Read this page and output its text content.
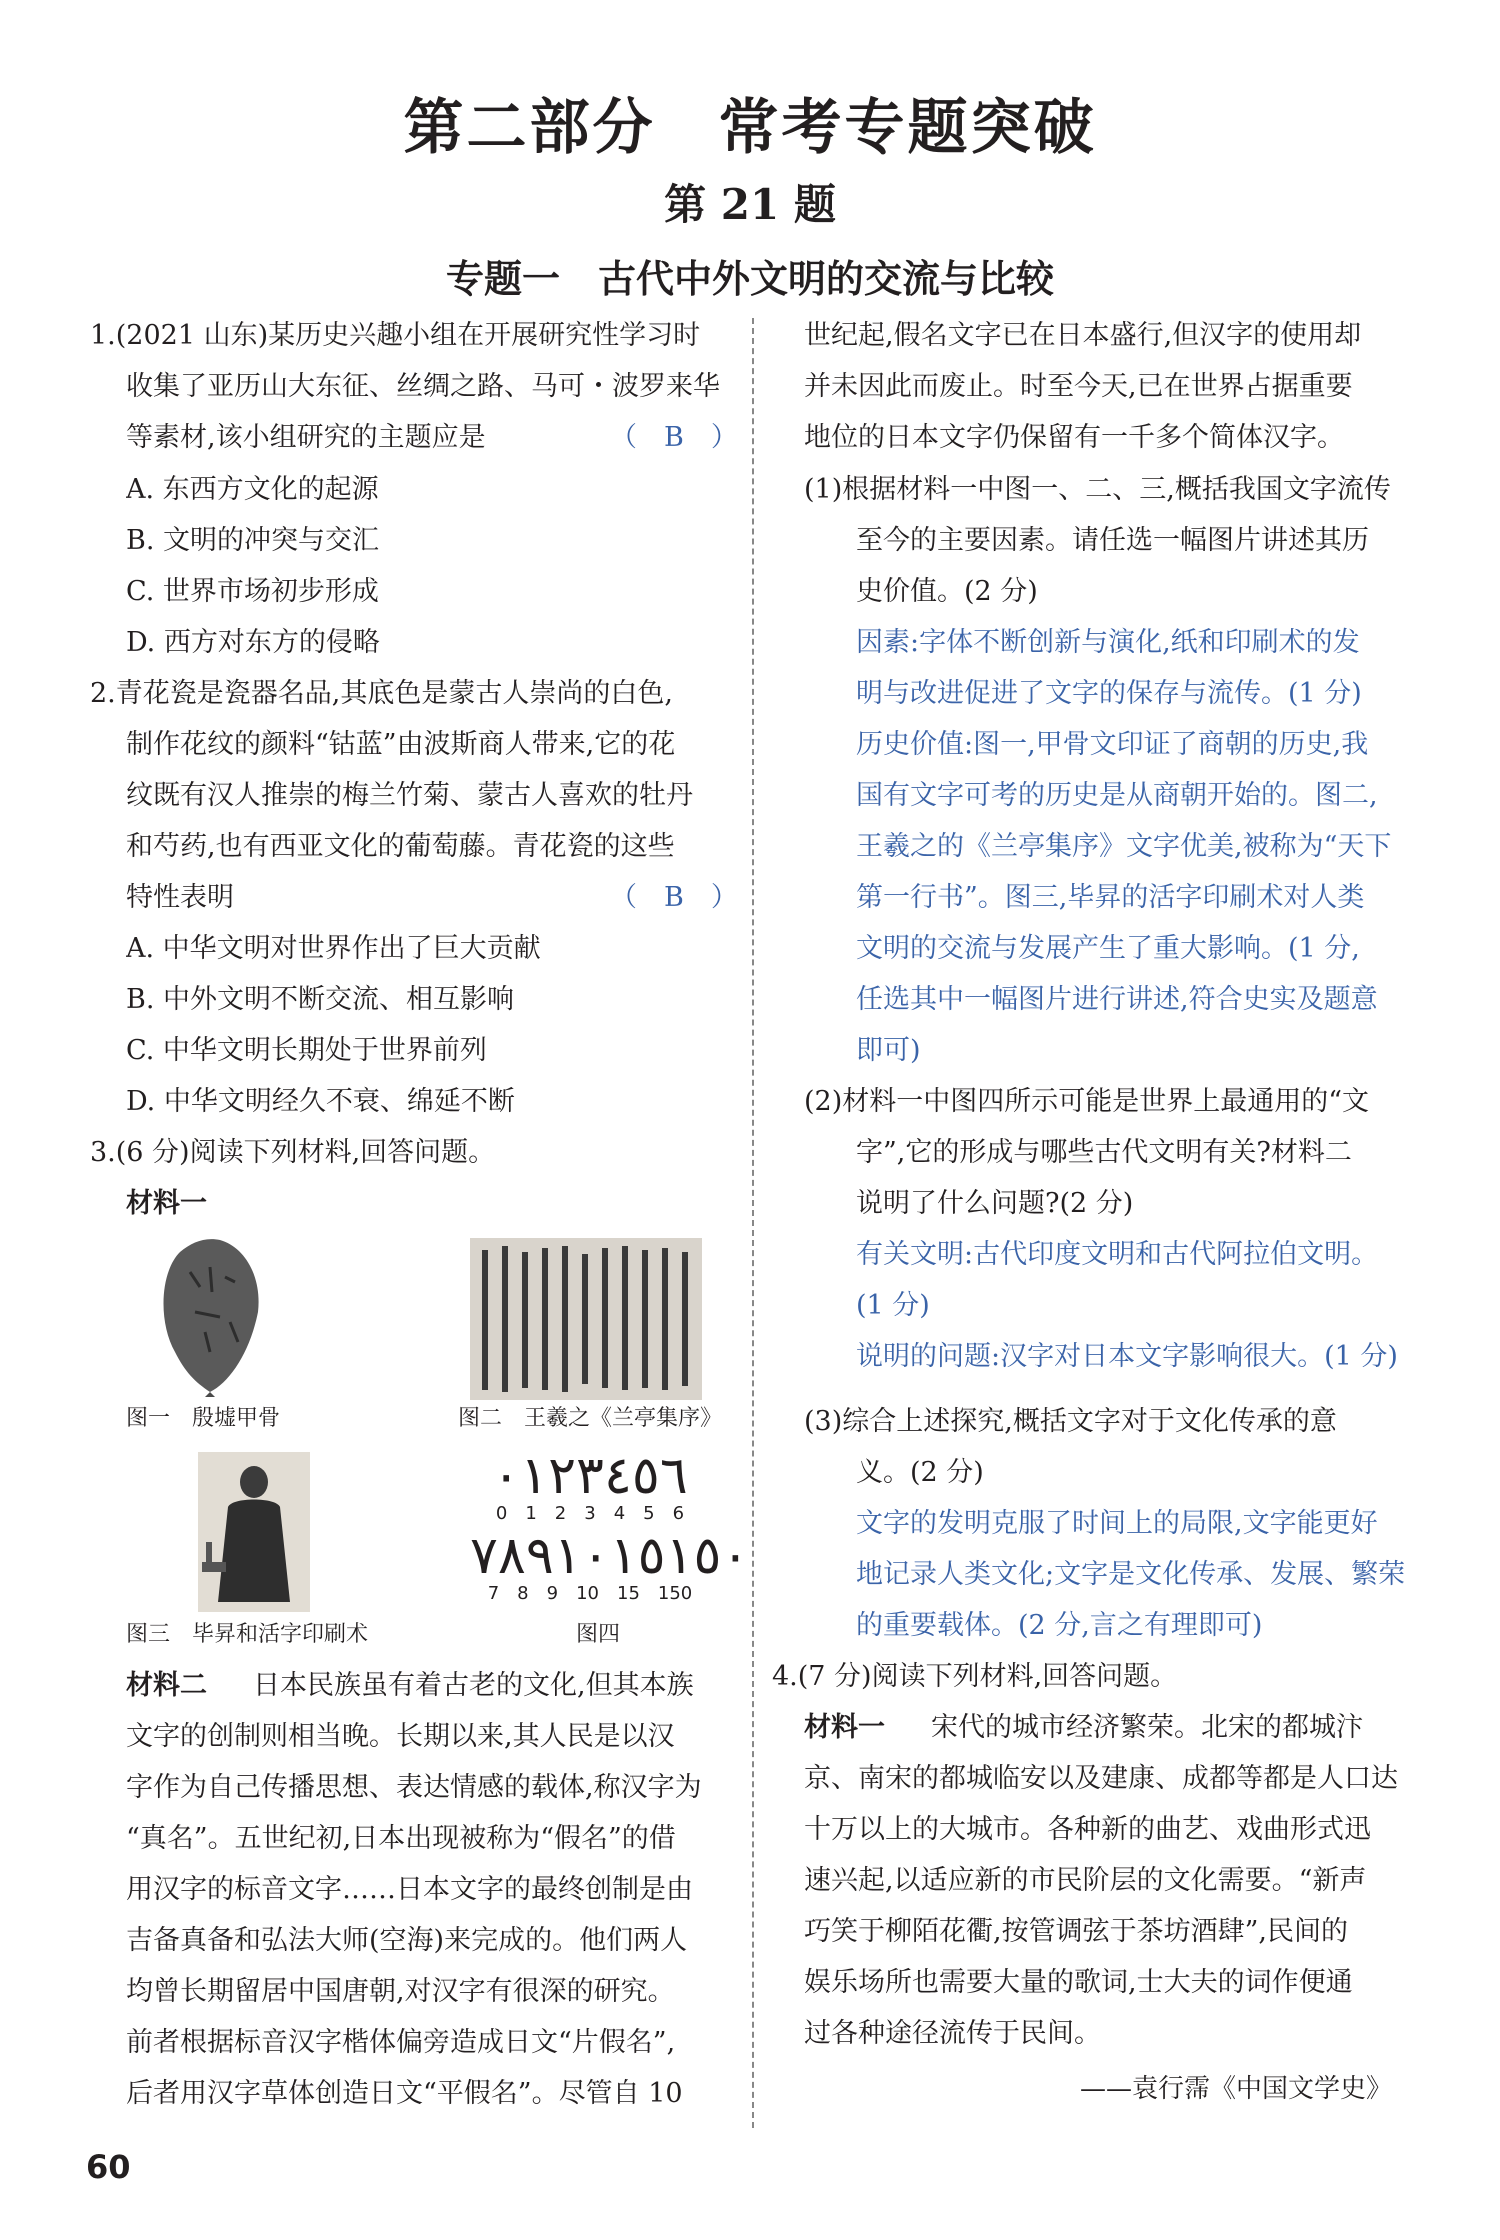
第二部分　常考专题突破
第 21 题
专题一　古代中外文明的交流与比较
1.(2021 山东)某历史兴趣小组在开展研究性学习时
收集了亚历山大东征、丝绸之路、马可・波罗来华
等素材,该小组研究的主题应是	（　B　）
A. 东西方文化的起源
B. 文明的冲突与交汇
C. 世界市场初步形成
D. 西方对东方的侵略
2.青花瓷是瓷器名品,其底色是蒙古人崇尚的白色,
制作花纹的颜料“钴蓝”由波斯商人带来,它的花
纹既有汉人推崇的梅兰竹菊、蒙古人喜欢的牡丹
和芍药,也有西亚文化的葡萄藤。青花瓷的这些
特性表明	（　B　）
A. 中华文明对世界作出了巨大贡献
B. 中外文明不断交流、相互影响
C. 中华文明长期处于世界前列
D. 中华文明经久不衰、绵延不断
3.(6 分)阅读下列材料,回答问题。
材料一
图一　殷墟甲骨	图二　王羲之《兰亭集序》
图三　毕昇和活字印刷术
٠١٢٣٤٥٦
0　1　2　3　4　5　6
٧٨٩١٠١٥١٥٠
7　8　9　10　15　150
图四
材料二 　日本民族虽有着古老的文化,但其本族
文字的创制则相当晚。长期以来,其人民是以汉
字作为自己传播思想、表达情感的载体,称汉字为
“真名”。五世纪初,日本出现被称为“假名”的借
用汉字的标音文字……日本文字的最终创制是由
吉备真备和弘法大师(空海)来完成的。他们两人
均曾长期留居中国唐朝,对汉字有很深的研究。
前者根据标音汉字楷体偏旁造成日文“片假名”,
后者用汉字草体创造日文“平假名”。尽管自 10
世纪起,假名文字已在日本盛行,但汉字的使用却
并未因此而废止。时至今天,已在世界占据重要
地位的日本文字仍保留有一千多个简体汉字。
(1)根据材料一中图一、二、三,概括我国文字流传
至今的主要因素。请任选一幅图片讲述其历
史价值。(2 分)
因素:字体不断创新与演化,纸和印刷术的发
明与改进促进了文字的保存与流传。(1 分)
历史价值:图一,甲骨文印证了商朝的历史,我
国有文字可考的历史是从商朝开始的。图二,
王羲之的《兰亭集序》文字优美,被称为“天下
第一行书”。图三,毕昇的活字印刷术对人类
文明的交流与发展产生了重大影响。(1 分,
任选其中一幅图片进行讲述,符合史实及题意
即可)
(2)材料一中图四所示可能是世界上最通用的“文
字”,它的形成与哪些古代文明有关?材料二
说明了什么问题?(2 分)
有关文明:古代印度文明和古代阿拉伯文明。
(1 分)
说明的问题:汉字对日本文字影响很大。(1 分)
(3)综合上述探究,概括文字对于文化传承的意
义。(2 分)
文字的发明克服了时间上的局限,文字能更好
地记录人类文化;文字是文化传承、发展、繁荣
的重要载体。(2 分,言之有理即可)
4.(7 分)阅读下列材料,回答问题。
材料一 　宋代的城市经济繁荣。北宋的都城汴
京、南宋的都城临安以及建康、成都等都是人口达
十万以上的大城市。各种新的曲艺、戏曲形式迅
速兴起,以适应新的市民阶层的文化需要。“新声
巧笑于柳陌花衢,按管调弦于茶坊酒肆”,民间的
娱乐场所也需要大量的歌词,士大夫的词作便通
过各种途径流传于民间。
——袁行霈《中国文学史》
60
